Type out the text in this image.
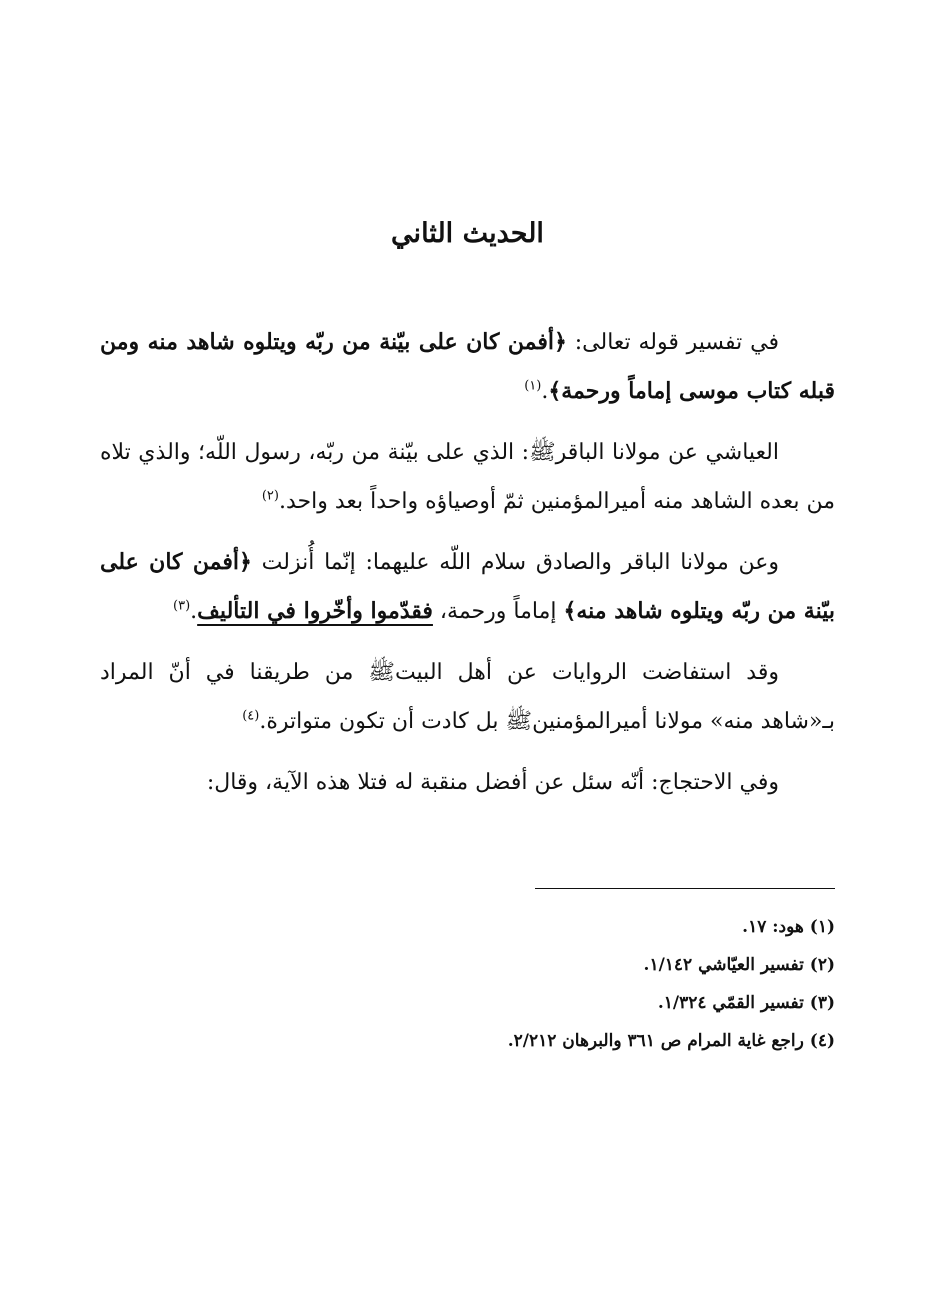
الحديث الثاني

في تفسير قوله تعالى: ﴿أفمن كان على بيّنة من ربّه ويتلوه شاهد منه ومن قبله كتاب موسى إماماً ورحمة﴾.$^{(١)}$

العياشي عن مولانا الباقرﷺ: الذي على بيّنة من ربّه، رسول اللّه؛ والذي تلاه من بعده الشاهد منه أميرالمؤمنين ثمّ أوصياؤه واحداً بعد واحد.$^{(٢)}$

وعن مولانا الباقر والصادق سلام اللّه عليهما: إنّما أُنزلت ﴿أفمن كان على بيّنة من ربّه ويتلوه شاهد منه﴾ إماماً ورحمة، فقدّموا وأخّروا في التأليف.$^{(٣)}$

وقد استفاضت الروايات عن أهل البيتﷺ من طريقنا في أنّ المراد بـ«شاهد منه» مولانا أميرالمؤمنينﷺ بل كادت أن تكون متواترة.$^{(٤)}$

وفي الاحتجاج: أنّه سئل عن أفضل منقبة له فتلا هذه الآية، وقال:

(١) هود: ١٧.
(٢) تفسير العيّاشي ١/١٤٢.
(٣) تفسير القمّي ١/٣٢٤.
(٤) راجع غاية المرام ص ٣٦١ والبرهان ٢/٢١٢.
